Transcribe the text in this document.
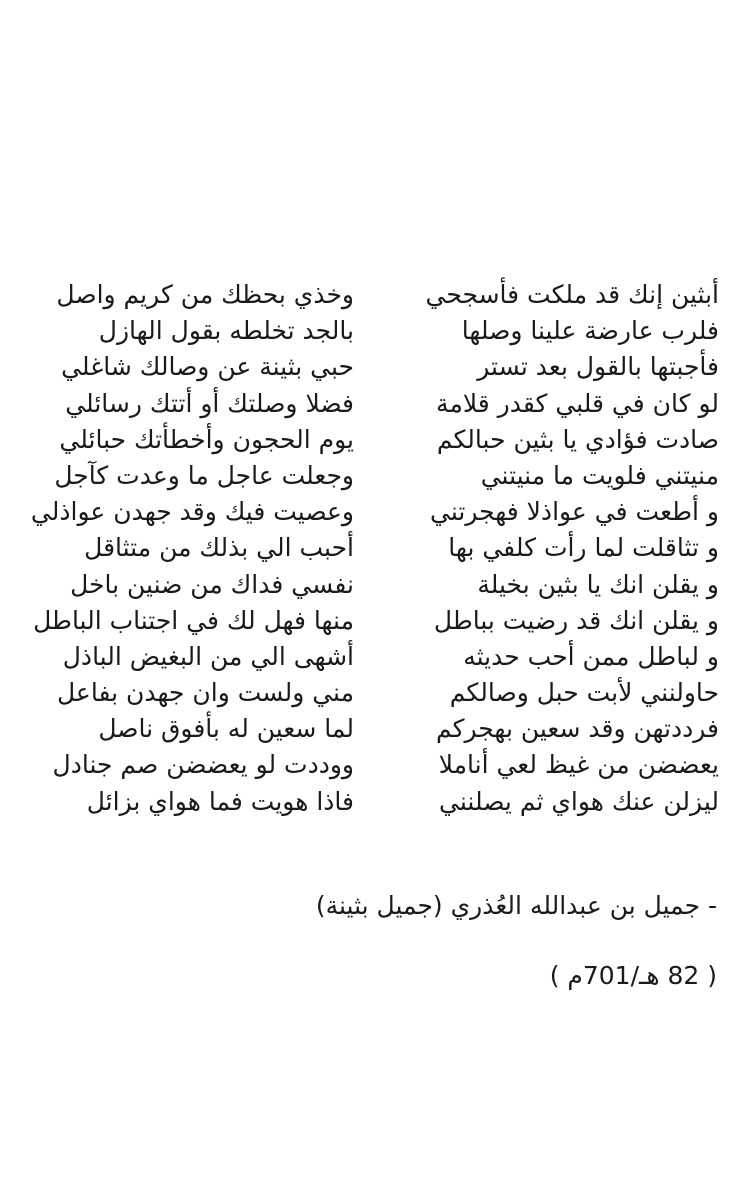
أبثين إنك قد ملكت فأسجحي
وخذي بحظك من كريم واصل
فلرب عارضة علينا وصلها
بالجد تخلطه بقول الهازل
فأجبتها بالقول بعد تستر
حبي بثينة عن وصالك شاغلي
لو كان في قلبي كقدر قلامة
فضلا وصلتك أو أتتك رسائلي
صادت فؤادي يا بثين حبالكم
يوم الحجون وأخطأتك حبائلي
منيتني فلويت ما منيتني
وجعلت عاجل ما وعدت كآجل
و أطعت في عواذلا فهجرتني
وعصيت فيك وقد جهدن عواذلي
و تثاقلت لما رأت كلفي بها
أحبب الي بذلك من متثاقل
و يقلن انك يا بثين بخيلة
نفسي فداك من ضنين باخل
و يقلن انك قد رضيت بباطل
منها فهل لك في اجتناب الباطل
و لباطل ممن أحب حديثه
أشهى الي من البغيض الباذل
حاولنني لأبت حبل وصالكم
مني ولست وان جهدن بفاعل
فرددتهن وقد سعين بهجركم
لما سعين له بأفوق ناصل
يعضضن من غيظ لعي أناملا
ووددت لو يعضضن صم جنادل
ليزلن عنك هواي ثم يصلنني
فاذا هويت فما هواي بزائل
- جميل بن عبدالله العُذري (جميل بثينة)
( 82 هـ/701م )
